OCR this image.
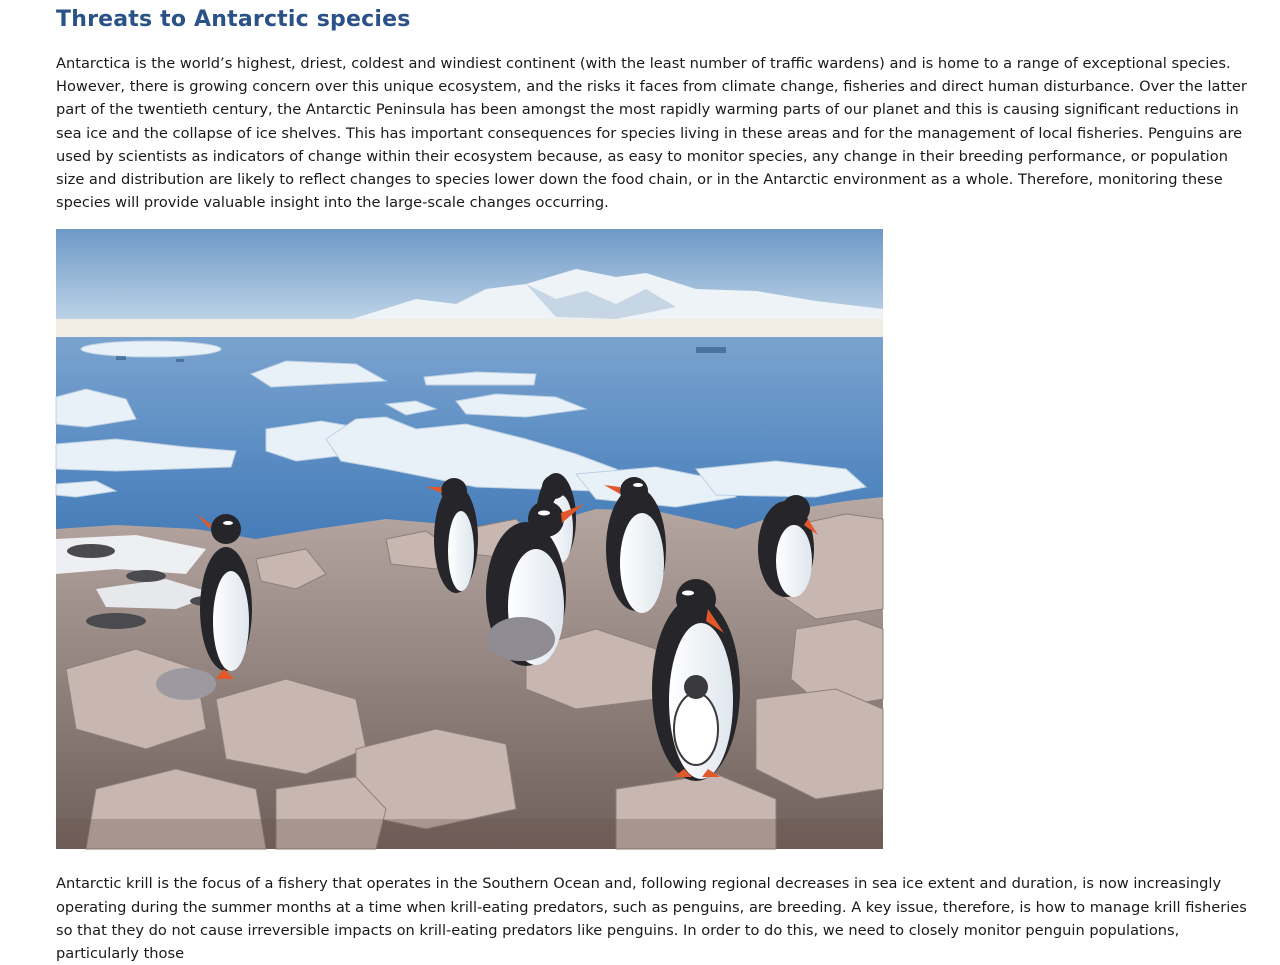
Threats to Antarctic species

Antarctica is the world’s highest, driest, coldest and windiest continent (with the least number of traffic wardens) and is home to a range of exceptional species. However, there is growing concern over this unique ecosystem, and the risks it faces from climate change, fisheries and direct human disturbance. Over the latter part of the twentieth century, the Antarctic Peninsula has been amongst the most rapidly warming parts of our planet and this is causing significant reductions in sea ice and the collapse of ice shelves. This has important consequences for species living in these areas and for the management of local fisheries. Penguins are used by scientists as indicators of change within their ecosystem because, as easy to monitor species, any change in their breeding performance, or population size and distribution are likely to reflect changes to species lower down the food chain, or in the Antarctic environment as a whole. Therefore, monitoring these species will provide valuable insight into the large-scale changes occurring.

Antarctic krill is the focus of a fishery that operates in the Southern Ocean and, following regional decreases in sea ice extent and duration, is now increasingly operating during the summer months at a time when krill-eating predators, such as penguins, are breeding. A key issue, therefore, is how to manage krill fisheries so that they do not cause irreversible impacts on krill-eating predators like penguins. In order to do this, we need to closely monitor penguin populations, particularly those
